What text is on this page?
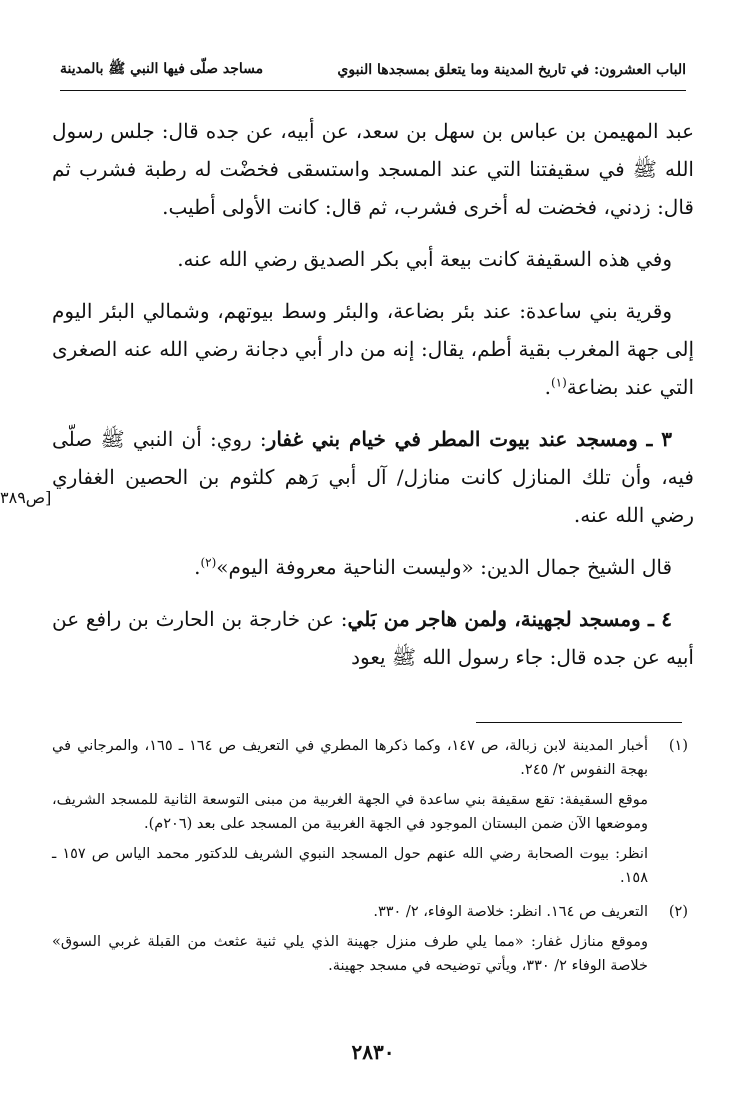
الباب العشرون: في تاريخ المدينة وما يتعلق بمسجدها النبوي
مساجد صلّى فيها النبي ﷺ بالمدينة
[ص٣٨٩

عبد المهيمن بن عباس بن سهل بن سعد، عن أبيه، عن جده قال: جلس رسول الله ﷺ في سقيفتنا التي عند المسجد واستسقى فخضْت له رطبة فشرب ثم قال: زدني، فخضت له أخرى فشرب، ثم قال: كانت الأولى أطيب.

وفي هذه السقيفة كانت بيعة أبي بكر الصديق رضي الله عنه.

وقرية بني ساعدة: عند بئر بضاعة، والبئر وسط بيوتهم، وشمالي البئر اليوم إلى جهة المغرب بقية أطم، يقال: إنه من دار أبي دجانة رضي الله عنه الصغرى التي عند بضاعة$^{(١)}$.

٣ ـ ومسجد عند بيوت المطر في خيام بني غفار: روي: أن النبي ﷺ صلّى فيه، وأن تلك المنازل كانت منازل/ آل أبي رَهم كلثوم بن الحصين الغفاري رضي الله عنه.

قال الشيخ جمال الدين: «وليست الناحية معروفة اليوم»$^{(٢)}$.

٤ ـ ومسجد لجهينة، ولمن هاجر من بَلي: عن خارجة بن الحارث بن رافع عن أبيه عن جده قال: جاء رسول الله ﷺ يعود

(١)

أخبار المدينة لابن زبالة، ص ١٤٧، وكما ذكرها المطري في التعريف ص ١٦٤ ـ ١٦٥، والمرجاني في بهجة النفوس ٢/ ٢٤٥.

موقع السقيفة: تقع سقيفة بني ساعدة في الجهة الغربية من مبنى التوسعة الثانية للمسجد الشريف، وموضعها الآن ضمن البستان الموجود في الجهة الغربية من المسجد على بعد (٢٠٦م).

انظر: بيوت الصحابة رضي الله عنهم حول المسجد النبوي الشريف للدكتور محمد الياس ص ١٥٧ ـ ١٥٨.

(٢)

التعريف ص ١٦٤. انظر: خلاصة الوفاء، ٢/ ٣٣٠.

وموقع منازل غفار: «مما يلي طرف منزل جهينة الذي يلي ثنية عثعث من القبلة غربي السوق» خلاصة الوفاء ٢/ ٣٣٠، ويأتي توضيحه في مسجد جهينة.

٢٨٣٠
